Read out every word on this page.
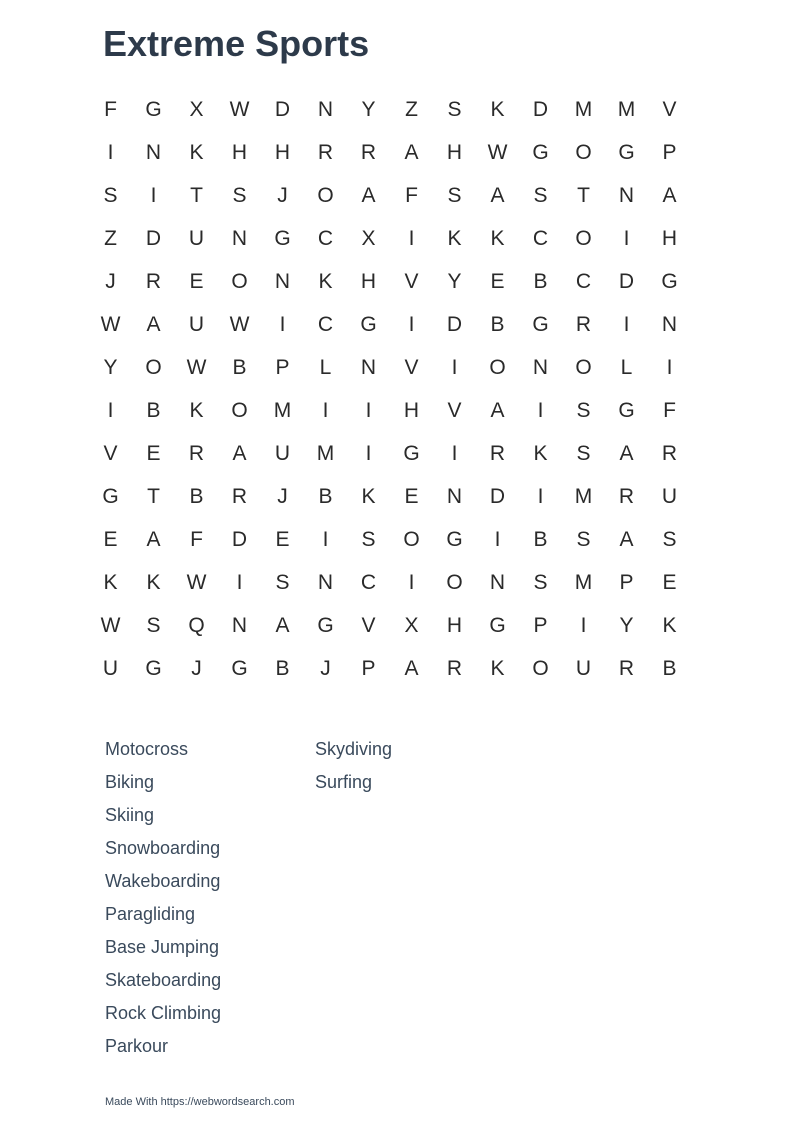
Extreme Sports
F	G	X	W	D	N	Y	Z	S	K	D	M	M	V
I	N	K	H	H	R	R	A	H	W	G	O	G	P
S	I	T	S	J	O	A	F	S	A	S	T	N	A
Z	D	U	N	G	C	X	I	K	K	C	O	I	H
J	R	E	O	N	K	H	V	Y	E	B	C	D	G
W	A	U	W	I	C	G	I	D	B	G	R	I	N
Y	O	W	B	P	L	N	V	I	O	N	O	L	I
I	B	K	O	M	I	I	H	V	A	I	S	G	F
V	E	R	A	U	M	I	G	I	R	K	S	A	R
G	T	B	R	J	B	K	E	N	D	I	M	R	U
E	A	F	D	E	I	S	O	G	I	B	S	A	S
K	K	W	I	S	N	C	I	O	N	S	M	P	E
W	S	Q	N	A	G	V	X	H	G	P	I	Y	K
U	G	J	G	B	J	P	A	R	K	O	U	R	B
Motocross
Biking
Skiing
Snowboarding
Wakeboarding
Paragliding
Base Jumping
Skateboarding
Rock Climbing
Parkour
Skydiving
Surfing
Made With https://webwordsearch.com
